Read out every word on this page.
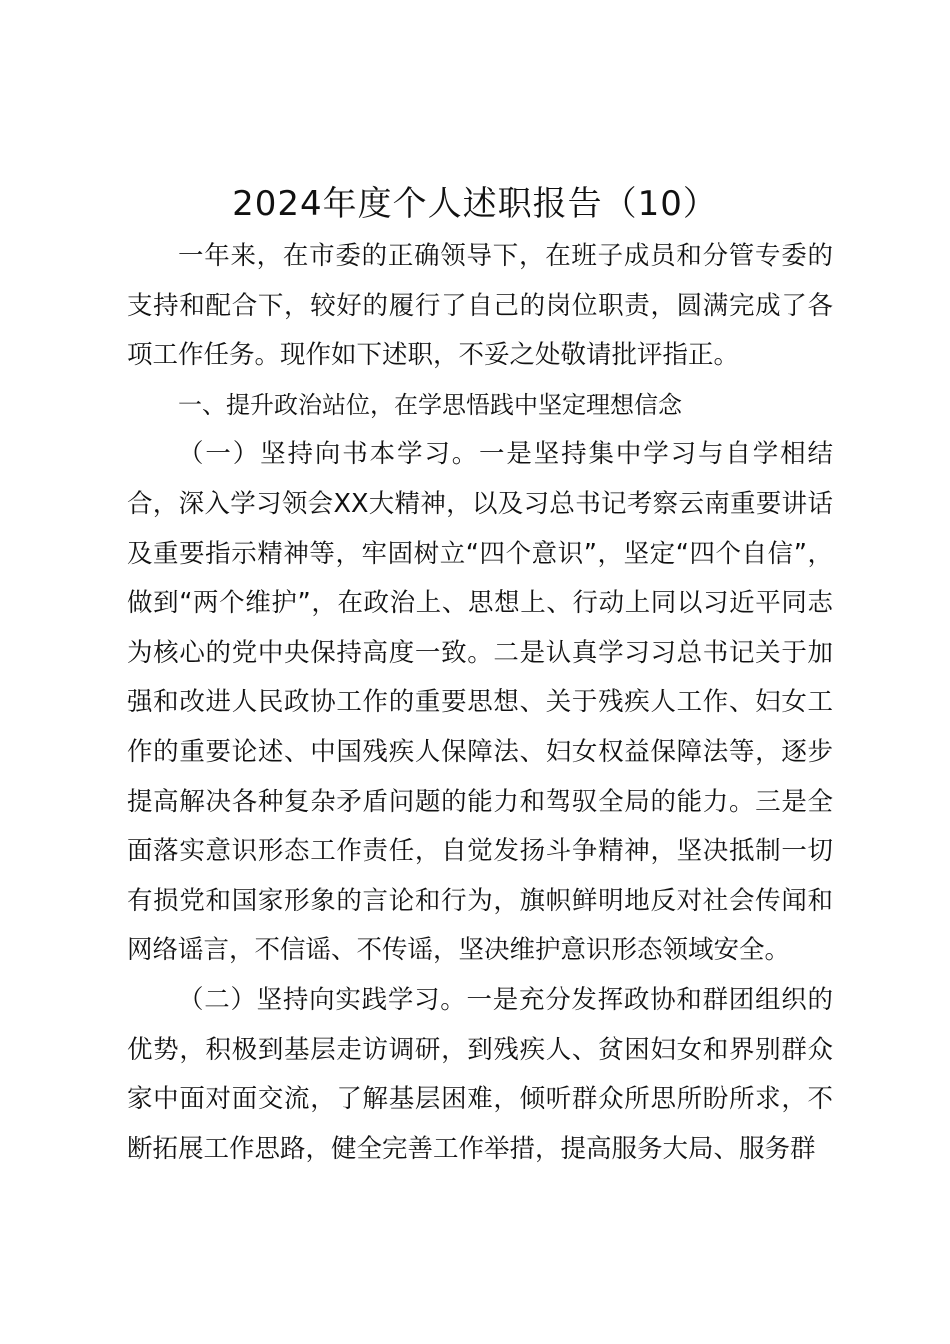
2024年度个人述职报告（10）

一年来，在市委的正确领导下，在班子成员和分管专委的支持和配合下，较好的履行了自己的岗位职责，圆满完成了各项工作任务。现作如下述职，不妥之处敬请批评指正。

一、提升政治站位，在学思悟践中坚定理想信念

（一）坚持向书本学习。一是坚持集中学习与自学相结合，深入学习领会XX大精神，以及习总书记考察云南重要讲话及重要指示精神等，牢固树立“四个意识”，坚定“四个自信”，做到“两个维护”，在政治上、思想上、行动上同以习近平同志为核心的党中央保持高度一致。二是认真学习习总书记关于加强和改进人民政协工作的重要思想、关于残疾人工作、妇女工作的重要论述、中国残疾人保障法、妇女权益保障法等，逐步提高解决各种复杂矛盾问题的能力和驾驭全局的能力。三是全面落实意识形态工作责任，自觉发扬斗争精神，坚决抵制一切有损党和国家形象的言论和行为，旗帜鲜明地反对社会传闻和网络谣言，不信谣、不传谣，坚决维护意识形态领域安全。

（二）坚持向实践学习。一是充分发挥政协和群团组织的优势，积极到基层走访调研，到残疾人、贫困妇女和界别群众家中面对面交流，了解基层困难，倾听群众所思所盼所求，不断拓展工作思路，健全完善工作举措，提高服务大局、服务群
